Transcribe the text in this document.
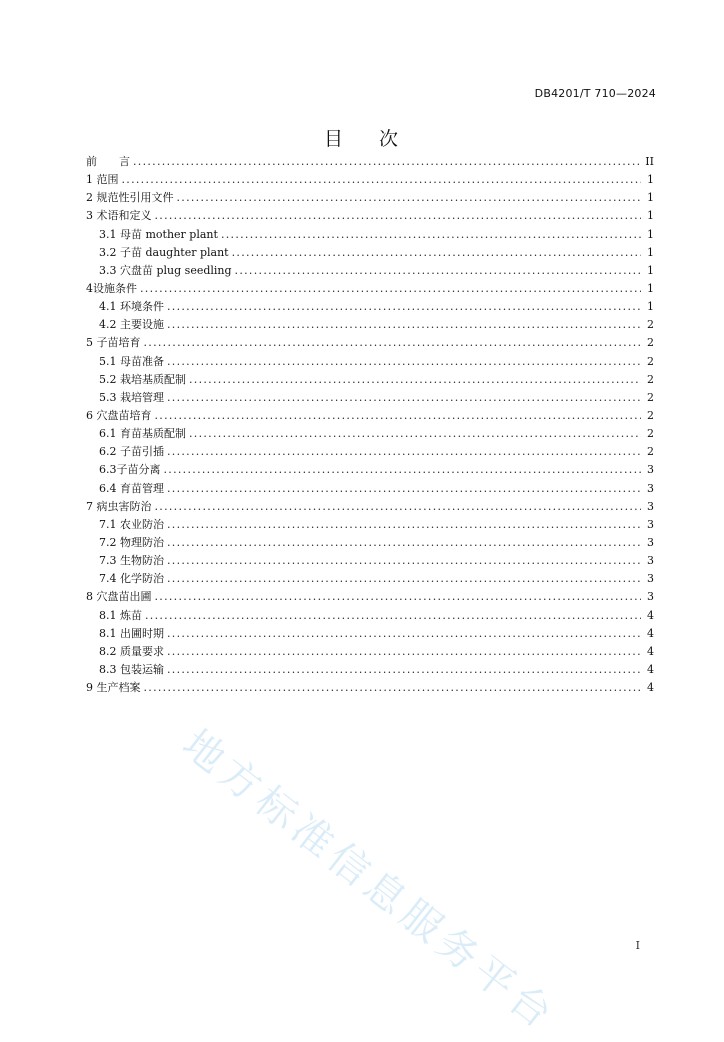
DB4201/T 710—2024
目 次
前　　言 .....	II
1 范围 .....	1
2 规范性引用文件 .....	1
3 术语和定义 .....	1
3.1 母苗 mother plant .....	1
3.2 子苗 daughter plant .....	1
3.3 穴盘苗 plug seedling .....	1
4设施条件 .....	1
4.1 环境条件 .....	1
4.2 主要设施 .....	2
5 子苗培育 .....	2
5.1 母苗准备 .....	2
5.2 栽培基质配制 .....	2
5.3 栽培管理 .....	2
6 穴盘苗培育 .....	2
6.1 育苗基质配制 .....	2
6.2 子苗引插 .....	2
6.3子苗分离 .....	3
6.4 育苗管理 .....	3
7 病虫害防治 .....	3
7.1 农业防治 .....	3
7.2 物理防治 .....	3
7.3 生物防治 .....	3
7.4 化学防治 .....	3
8 穴盘苗出圃 .....	3
8.1 炼苗 .....	4
8.1 出圃时期 .....	4
8.2 质量要求 .....	4
8.3 包装运输 .....	4
9 生产档案 .....	4
I
地方标准信息服务平台
